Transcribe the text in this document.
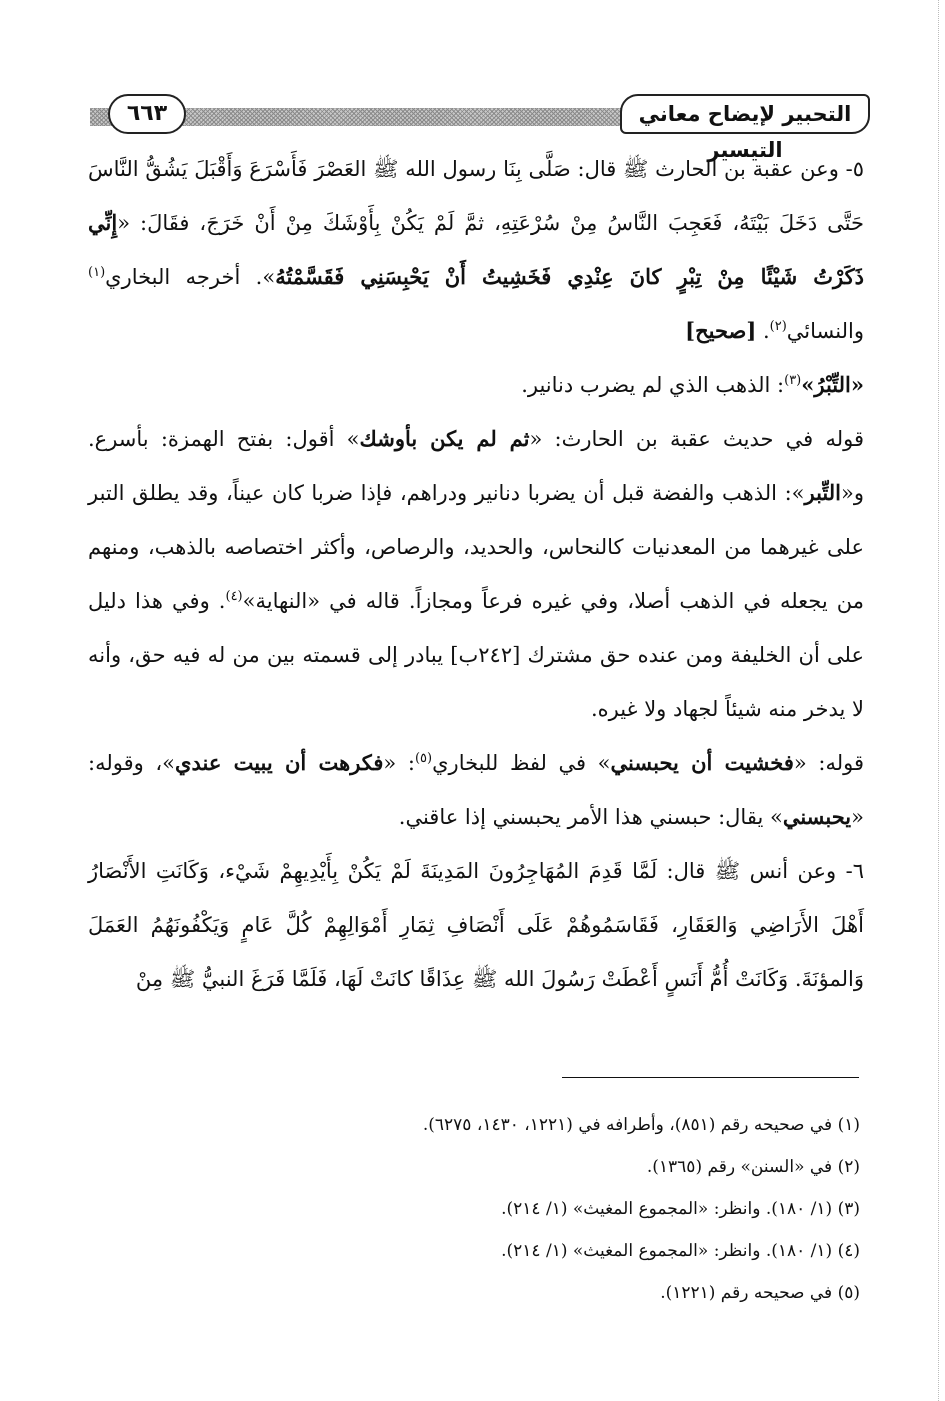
٦٦٣	التحبير لإيضاح معاني التيسير

٥- وعن عقبة بن الحارث ﷺ قال: صَلَّى بِنَا رسول الله ﷺ العَصْرَ فَأَسْرَعَ وَأَقْبَلَ يَشُقُّ النَّاسَ حَتَّى دَخَلَ بَيْتَهُ، فَعَجِبَ النَّاسُ مِنْ سُرْعَتِهِ، ثمَّ لَمْ يَكُنْ بِأَوْشَكَ مِنْ أَنْ خَرَجَ، فقَالَ: «إِنِّي ذَكَرْتُ شَيْئًا مِنْ تِبْرٍ كانَ عِنْدِي فَخَشِيتُ أَنْ يَحْبِسَنِي فَقَسَّمْتُهُ». أخرجه البخاري$^{(١)}$ والنسائي$^{(٢)}$. [صحيح]

«التِّبْرُ»$^{(٣)}$: الذهب الذي لم يضرب دنانير.

قوله في حديث عقبة بن الحارث: «ثم لم يكن بأوشك» أقول: بفتح الهمزة: بأسرع. و«التِّبر»: الذهب والفضة قبل أن يضربا دنانير ودراهم، فإذا ضربا كان عيناً، وقد يطلق التبر على غيرهما من المعدنيات كالنحاس، والحديد، والرصاص، وأكثر اختصاصه بالذهب، ومنهم من يجعله في الذهب أصلا، وفي غيره فرعاً ومجازاً. قاله في «النهاية»$^{(٤)}$. وفي هذا دليل على أن الخليفة ومن عنده حق مشترك [٢٤٢ب] يبادر إلى قسمته بين من له فيه حق، وأنه لا يدخر منه شيئاً لجهاد ولا غيره.

قوله: «فخشيت أن يحبسني» في لفظ للبخاري$^{(٥)}$: «فكرهت أن يبيت عندي»، وقوله: «يحبسني» يقال: حبسني هذا الأمر يحبسني إذا عاقني.

٦- وعن أنس ﷺ قال: لَمَّا قَدِمَ المُهَاجِرُونَ المَدِينَةَ لَمْ يَكُنْ بِأَيْدِيهِمْ شَيْء، وَكَانَتِ الأَنْصَارُ أَهْلَ الأَرَاضِي وَالعَقَارِ، فَقَاسَمُوهُمْ عَلَى أَنْصَافِ ثِمَارِ أَمْوَالِهِمْ كُلَّ عَامٍ وَيَكْفُونَهُمُ العَمَلَ وَالمؤنَةَ. وَكَانَتْ أُمُّ أَنَسٍ أَعْطَتْ رَسُولَ الله ﷺ عِذَاقًا كانَتْ لَهَا، فَلَمَّا فَرَغَ النبيُّ ﷺ مِنْ

(١) في صحيحه رقم (٨٥١)، وأطرافه في (١٢٢١، ١٤٣٠، ٦٢٧٥).

(٢) في «السنن» رقم (١٣٦٥).

(٣) (١/ ١٨٠). وانظر: «المجموع المغيث» (١/ ٢١٤).

(٤) (١/ ١٨٠). وانظر: «المجموع المغيث» (١/ ٢١٤).

(٥) في صحيحه رقم (١٢٢١).
